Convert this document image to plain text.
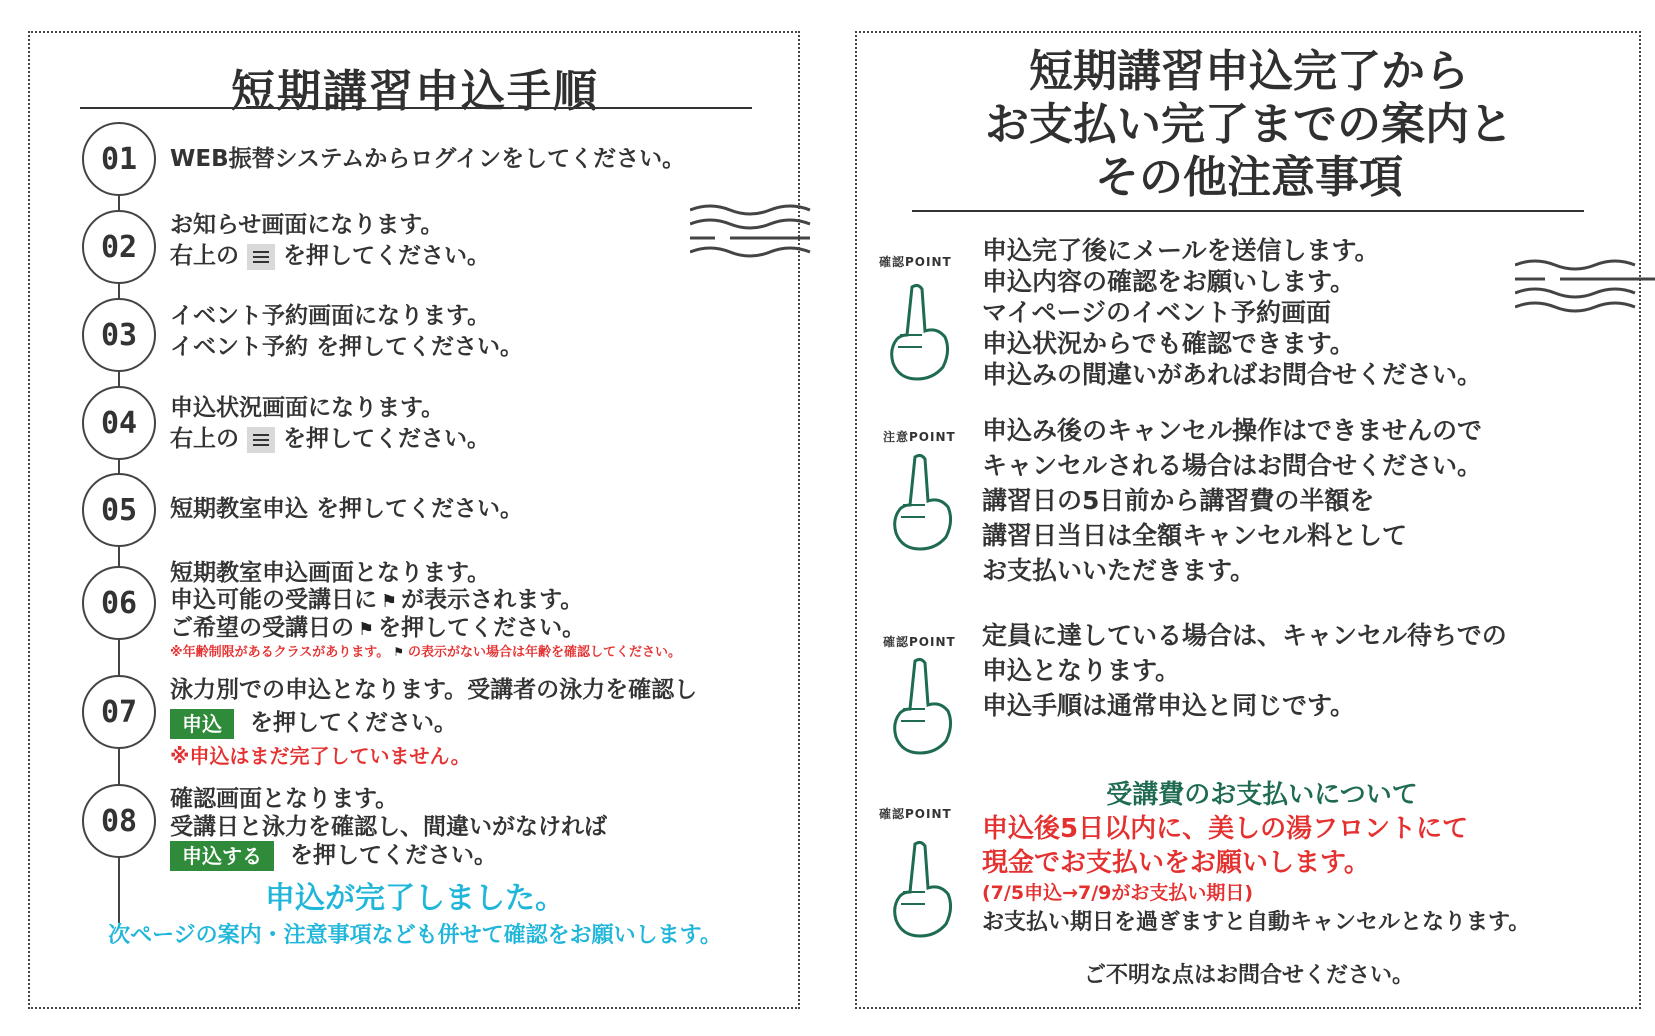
短期講習申込手順
01	WEB振替システムからログインをしてください。
02
お知らせ画面になります。
右上の を押してください。
03
イベント予約画面になります。
イベント予約 を押してください。
04	申込状況画面になります。
右上の を押してください。
05	短期教室申込 を押してください。
06
短期教室申込画面となります。
申込可能の受講日に ⚑ が表示されます。
ご希望の受講日の ⚑ を押してください。
※年齢制限があるクラスがあります。 ⚑ の表示がない場合は年齢を確認してください。
07
泳力別での申込となります。受講者の泳力を確認し
申込 を押してください。
※申込はまだ完了していません。
08
確認画面となります。
受講日と泳力を確認し、間違いがなければ
申込する を押してください。
申込が完了しました。
次ページの案内・注意事項なども併せて確認をお願いします。
短期講習申込完了から
お支払い完了までの案内と
その他注意事項
確認POINT 申込完了後にメールを送信します。
申込内容の確認をお願いします。
マイページのイベント予約画面
申込状況からでも確認できます。
申込みの間違いがあればお問合せください。
注意POINT 申込み後のキャンセル操作はできませんので
キャンセルされる場合はお問合せください。
講習日の5日前から講習費の半額を
講習日当日は全額キャンセル料として
お支払いいただきます。
確認POINT 定員に達している場合は、キャンセル待ちでの
申込となります。
申込手順は通常申込と同じです。
確認POINT
受講費のお支払いについて
申込後5日以内に、美しの湯フロントにて
現金でお支払いをお願いします。
(7/5申込→7/9がお支払い期日)
お支払い期日を過ぎますと自動キャンセルとなります。
ご不明な点はお問合せください。
